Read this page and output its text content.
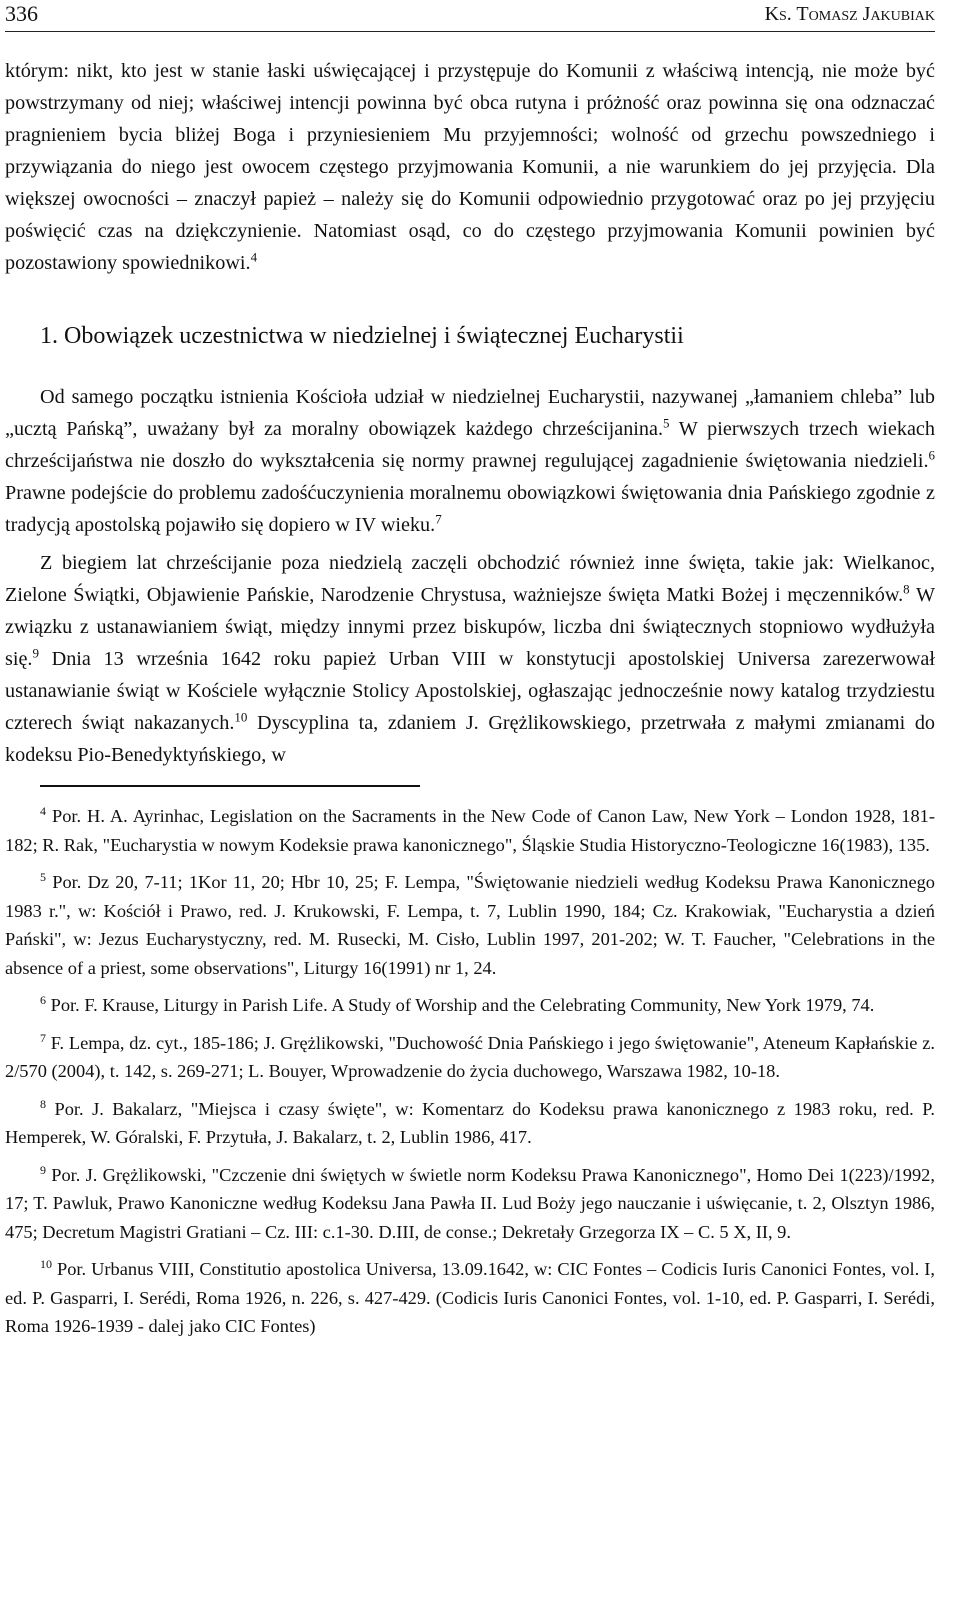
336	Ks. Tomasz Jakubiak

którym: nikt, kto jest w stanie łaski uświęcającej i przystępuje do Komunii z właściwą intencją, nie może być powstrzymany od niej; właściwej intencji powinna być obca rutyna i próżność oraz powinna się ona odznaczać pragnieniem bycia bliżej Boga i przyniesieniem Mu przyjemności; wolność od grzechu powszedniego i przywiązania do niego jest owocem częstego przyjmowania Komunii, a nie warunkiem do jej przyjęcia. Dla większej owocności – znaczył papież – należy się do Komunii odpowiednio przygotować oraz po jej przyjęciu poświęcić czas na dziękczynienie. Natomiast osąd, co do częstego przyjmowania Komunii powinien być pozostawiony spowiednikowi.$^4$

1. Obowiązek uczestnictwa w niedzielnej i świątecznej Eucharystii

Od samego początku istnienia Kościoła udział w niedzielnej Eucharystii, nazywanej „łamaniem chleba” lub „ucztą Pańską”, uważany był za moralny obowiązek każdego chrześcijanina.$^5$ W pierwszych trzech wiekach chrześcijaństwa nie doszło do wykształcenia się normy prawnej regulującej zagadnienie świętowania niedzieli.$^6$ Prawne podejście do problemu zadośćuczynienia moralnemu obowiązkowi świętowania dnia Pańskiego zgodnie z tradycją apostolską pojawiło się dopiero w IV wieku.$^7$

Z biegiem lat chrześcijanie poza niedzielą zaczęli obchodzić również inne święta, takie jak: Wielkanoc, Zielone Świątki, Objawienie Pańskie, Narodzenie Chrystusa, ważniejsze święta Matki Bożej i męczenników.$^8$ W związku z ustanawianiem świąt, między innymi przez biskupów, liczba dni świątecznych stopniowo wydłużyła się.$^9$ Dnia 13 września 1642 roku papież Urban VIII w konstytucji apostolskiej Universa zarezerwował ustanawianie świąt w Kościele wyłącznie Stolicy Apostolskiej, ogłaszając jednocześnie nowy katalog trzydziestu czterech świąt nakazanych.$^{10}$ Dyscyplina ta, zdaniem J. Grężlikowskiego, przetrwała z małymi zmianami do kodeksu Pio-Benedyktyńskiego, w

$^4$ Por. H. A. Ayrinhac, Legislation on the Sacraments in the New Code of Canon Law, New York – London 1928, 181-182; R. Rak, "Eucharystia w nowym Kodeksie prawa kanonicznego", Śląskie Studia Historyczno-Teologiczne 16(1983), 135.

$^5$ Por. Dz 20, 7-11; 1Kor 11, 20; Hbr 10, 25; F. Lempa, "Świętowanie niedzieli według Kodeksu Prawa Kanonicznego 1983 r.", w: Kościół i Prawo, red. J. Krukowski, F. Lempa, t. 7, Lublin 1990, 184; Cz. Krakowiak, "Eucharystia a dzień Pański", w: Jezus Eucharystyczny, red. M. Rusecki, M. Cisło, Lublin 1997, 201-202; W. T. Faucher, "Celebrations in the absence of a priest, some observations", Liturgy 16(1991) nr 1, 24.

$^6$ Por. F. Krause, Liturgy in Parish Life. A Study of Worship and the Celebrating Community, New York 1979, 74.

$^7$ F. Lempa, dz. cyt., 185-186; J. Grężlikowski, "Duchowość Dnia Pańskiego i jego świętowanie", Ateneum Kapłańskie z. 2/570 (2004), t. 142, s. 269-271; L. Bouyer, Wprowadzenie do życia duchowego, Warszawa 1982, 10-18.

$^8$ Por. J. Bakalarz, "Miejsca i czasy święte", w: Komentarz do Kodeksu prawa kanonicznego z 1983 roku, red. P. Hemperek, W. Góralski, F. Przytuła, J. Bakalarz, t. 2, Lublin 1986, 417.

$^9$ Por. J. Grężlikowski, "Czczenie dni świętych w świetle norm Kodeksu Prawa Kanonicznego", Homo Dei 1(223)/1992, 17; T. Pawluk, Prawo Kanoniczne według Kodeksu Jana Pawła II. Lud Boży jego nauczanie i uświęcanie, t. 2, Olsztyn 1986, 475; Decretum Magistri Gratiani – Cz. III: c.1-30. D.III, de conse.; Dekretały Grzegorza IX – C. 5 X, II, 9.

$^{10}$ Por. Urbanus VIII, Constitutio apostolica Universa, 13.09.1642, w: CIC Fontes – Codicis Iuris Canonici Fontes, vol. I, ed. P. Gasparri, I. Serédi, Roma 1926, n. 226, s. 427-429. (Codicis Iuris Canonici Fontes, vol. 1-10, ed. P. Gasparri, I. Serédi, Roma 1926-1939 - dalej jako CIC Fontes)
